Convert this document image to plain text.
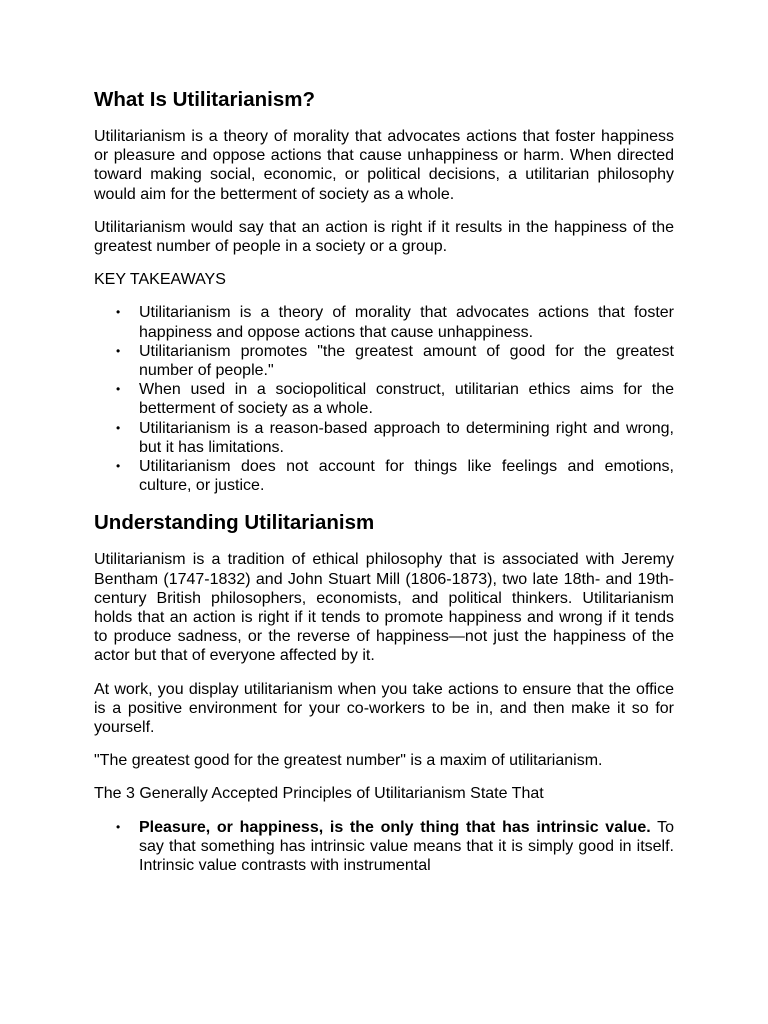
What Is Utilitarianism?

Utilitarianism is a theory of morality that advocates actions that foster happiness or pleasure and oppose actions that cause unhappiness or harm. When directed toward making social, economic, or political decisions, a utilitarian philosophy would aim for the betterment of society as a whole.

Utilitarianism would say that an action is right if it results in the happiness of the greatest number of people in a society or a group.

KEY TAKEAWAYS

• Utilitarianism is a theory of morality that advocates actions that foster happiness and oppose actions that cause unhappiness.
• Utilitarianism promotes "the greatest amount of good for the greatest number of people."
• When used in a sociopolitical construct, utilitarian ethics aims for the betterment of society as a whole.
• Utilitarianism is a reason-based approach to determining right and wrong, but it has limitations.
• Utilitarianism does not account for things like feelings and emotions, culture, or justice.
Understanding Utilitarianism

Utilitarianism is a tradition of ethical philosophy that is associated with Jeremy Bentham (1747-1832) and John Stuart Mill (1806-1873), two late 18th- and 19th-century British philosophers, economists, and political thinkers. Utilitarianism holds that an action is right if it tends to promote happiness and wrong if it tends to produce sadness, or the reverse of happiness—not just the happiness of the actor but that of everyone affected by it.

At work, you display utilitarianism when you take actions to ensure that the office is a positive environment for your co-workers to be in, and then make it so for yourself.

"The greatest good for the greatest number" is a maxim of utilitarianism.

The 3 Generally Accepted Principles of Utilitarianism State That

• Pleasure, or happiness, is the only thing that has intrinsic value. To say that something has intrinsic value means that it is simply good in itself. Intrinsic value contrasts with instrumental
